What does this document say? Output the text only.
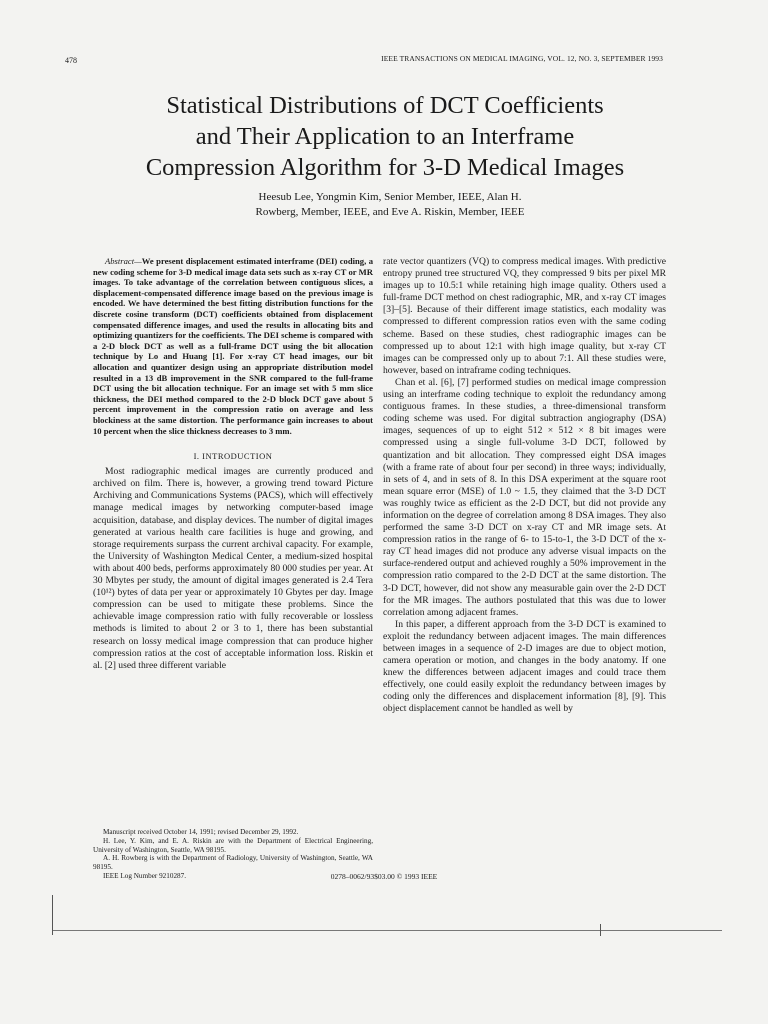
478	IEEE TRANSACTIONS ON MEDICAL IMAGING, VOL. 12, NO. 3, SEPTEMBER 1993
Statistical Distributions of DCT Coefficients
and Their Application to an Interframe
Compression Algorithm for 3-D Medical Images
Heesub Lee, Yongmin Kim, Senior Member, IEEE, Alan H.
Rowberg, Member, IEEE, and Eve A. Riskin, Member, IEEE

Abstract—We present displacement estimated interframe (DEI) coding, a new coding scheme for 3-D medical image data sets such as x-ray CT or MR images. To take advantage of the correlation between contiguous slices, a displacement-compensated difference image based on the previous image is encoded. We have determined the best fitting distribution functions for the discrete cosine transform (DCT) coefficients obtained from displacement compensated difference images, and used the results in allocating bits and optimizing quantizers for the coefficients. The DEI scheme is compared with a 2-D block DCT as well as a full-frame DCT using the bit allocation technique by Lo and Huang [1]. For x-ray CT head images, our bit allocation and quantizer design using an appropriate distribution model resulted in a 13 dB improvement in the SNR compared to the full-frame DCT using the bit allocation technique. For an image set with 5 mm slice thickness, the DEI method compared to the 2-D block DCT gave about 5 percent improvement in the compression ratio on average and less blockiness at the same distortion. The performance gain increases to about 10 percent when the slice thickness decreases to 3 mm.

I. INTRODUCTION

Most radiographic medical images are currently produced and archived on film. There is, however, a growing trend toward Picture Archiving and Communications Systems (PACS), which will effectively manage medical images by networking computer-based image acquisition, database, and display devices. The number of digital images generated at various health care facilities is huge and growing, and storage requirements surpass the current archival capacity. For example, the University of Washington Medical Center, a medium-sized hospital with about 400 beds, performs approximately 80 000 studies per year. At 30 Mbytes per study, the amount of digital images generated is 2.4 Tera (10¹²) bytes of data per year or approximately 10 Gbytes per day. Image compression can be used to mitigate these problems. Since the achievable image compression ratio with fully recoverable or lossless methods is limited to about 2 or 3 to 1, there has been substantial research on lossy medical image compression that can produce higher compression ratios at the cost of acceptable information loss. Riskin et al. [2] used three different variable

Manuscript received October 14, 1991; revised December 29, 1992.
H. Lee, Y. Kim, and E. A. Riskin are with the Department of Electrical Engineering, University of Washington, Seattle, WA 98195.
A. H. Rowberg is with the Department of Radiology, University of Washington, Seattle, WA 98195.
IEEE Log Number 9210287.

rate vector quantizers (VQ) to compress medical images. With predictive entropy pruned tree structured VQ, they compressed 9 bits per pixel MR images up to 10.5:1 while retaining high image quality. Others used a full-frame DCT method on chest radiographic, MR, and x-ray CT images [3]–[5]. Because of their different image statistics, each modality was compressed to different compression ratios even with the same coding scheme. Based on these studies, chest radiographic images can be compressed up to about 12:1 with high image quality, but x-ray CT images can be compressed only up to about 7:1. All these studies were, however, based on intraframe coding techniques.

Chan et al. [6], [7] performed studies on medical image compression using an interframe coding technique to exploit the redundancy among contiguous frames. In these studies, a three-dimensional transform coding scheme was used. For digital subtraction angiography (DSA) images, sequences of up to eight 512 × 512 × 8 bit images were compressed using a single full-volume 3-D DCT, followed by quantization and bit allocation. They compressed eight DSA images (with a frame rate of about four per second) in three ways; individually, in sets of 4, and in sets of 8. In this DSA experiment at the square root mean square error (MSE) of 1.0 ~ 1.5, they claimed that the 3-D DCT was roughly twice as efficient as the 2-D DCT, but did not provide any information on the degree of correlation among 8 DSA images. They also performed the same 3-D DCT on x-ray CT and MR image sets. At compression ratios in the range of 6- to 15-to-1, the 3-D DCT of the x-ray CT head images did not produce any adverse visual impacts on the surface-rendered output and achieved roughly a 50% improvement in the compression ratio compared to the 2-D DCT at the same distortion. The 3-D DCT, however, did not show any measurable gain over the 2-D DCT for the MR images. The authors postulated that this was due to lower correlation among adjacent frames.

In this paper, a different approach from the 3-D DCT is examined to exploit the redundancy between adjacent images. The main differences between images in a sequence of 2-D images are due to object motion, camera operation or motion, and changes in the body anatomy. If one knew the differences between adjacent images and could trace them effectively, one could easily exploit the redundancy between images by coding only the differences and displacement information [8], [9]. This object displacement cannot be handled as well by

0278–0062/93$03.00 © 1993 IEEE
